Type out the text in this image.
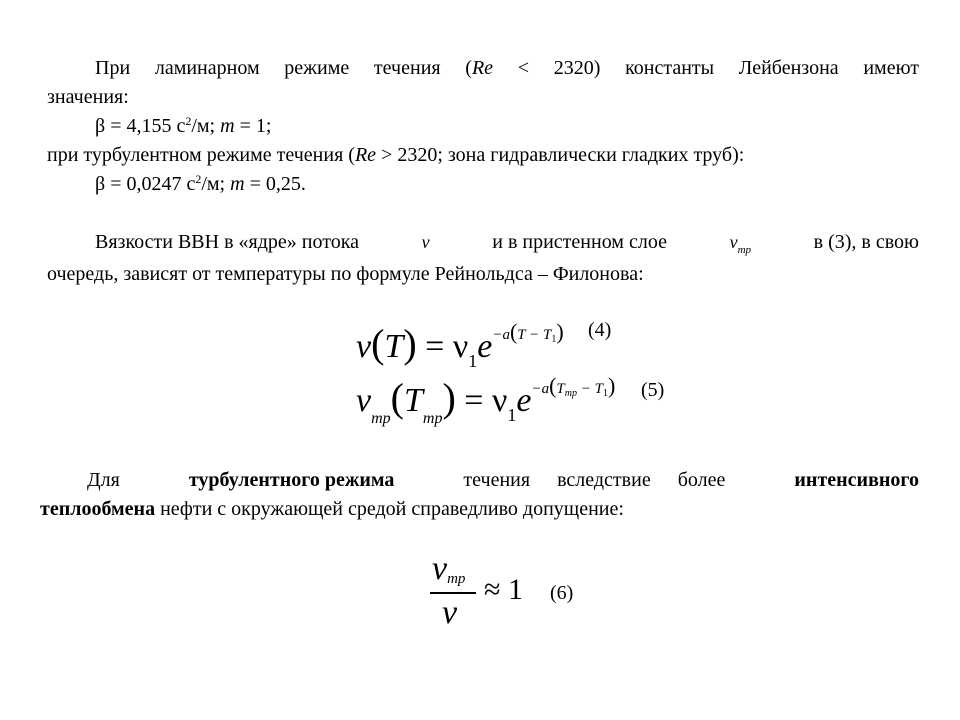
При ламинарном режиме течения (Re < 2320) константы Лейбензона имеют
значения:
β = 4,155 $с^2/м$; m = 1;
при турбулентном режиме течения (Re > 2320; зона гидравлически гладких труб):
β = 0,0247 $с^2/м$; m = 0,25.
Вязкости ВВН в «ядре» потока	ν	и в пристенном слое	$\nu_{тр}$	в (3), в свою
очередь, зависят от температуры по формуле Рейнольдса – Филонова:
$\nu(T) = \nu_1e^{-a(T - T_1)}$ (4)
$\nu_{тр}(T_{тр}) = \nu_1e^{-a(T_{тр} - T_1)}$ (5)
Для	турбулентного режима	течения вследствие более	интенсивного
теплообмена нефти с окружающей средой справедливо допущение:
νтр
ν
≈ 1 (6)
